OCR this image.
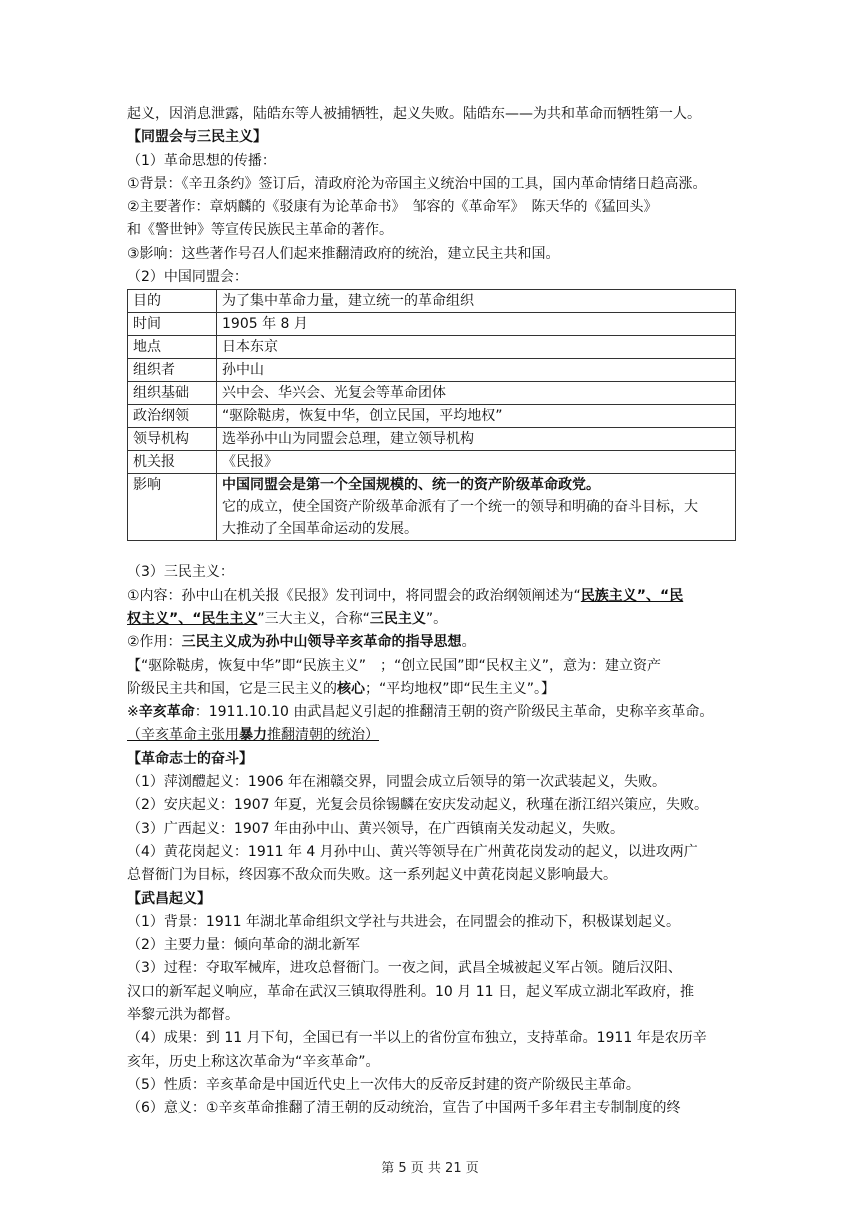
起义，因消息泄露，陆皓东等人被捕牺牲，起义失败。陆皓东——为共和革命而牺牲第一人。
【同盟会与三民主义】
（1）革命思想的传播：
①背景：《辛丑条约》签订后，清政府沦为帝国主义统治中国的工具，国内革命情绪日趋高涨。
②主要著作：章炳麟的《驳康有为论革命书》　邹容的《革命军》　陈天华的《猛回头》
和《警世钟》等宣传民族民主革命的著作。
③影响：这些著作号召人们起来推翻清政府的统治，建立民主共和国。
（2）中国同盟会：
目的	为了集中革命力量，建立统一的革命组织
时间	1905 年 8 月
地点	日本东京
组织者	孙中山
组织基础	兴中会、华兴会、光复会等革命团体
政治纲领	“驱除鞑虏，恢复中华，创立民国，平均地权”
领导机构	选举孙中山为同盟会总理，建立领导机构
机关报	《民报》
影响	中国同盟会是第一个全国规模的、统一的资产阶级革命政党。
它的成立，使全国资产阶级革命派有了一个统一的领导和明确的奋斗目标，大
大推动了全国革命运动的发展。
（3）三民主义：
①内容：孙中山在机关报《民报》发刊词中，将同盟会的政治纲领阐述为“民族主义”、“民
权主义”、“民生主义”三大主义，合称“三民主义”。
②作用：三民主义成为孙中山领导辛亥革命的指导思想。
【“驱除鞑虏，恢复中华”即“民族主义”　；“创立民国”即“民权主义”，意为：建立资产
阶级民主共和国，它是三民主义的核心；“平均地权”即“民生主义”。】
※辛亥革命：1911.10.10 由武昌起义引起的推翻清王朝的资产阶级民主革命，史称辛亥革命。
（辛亥革命主张用暴力推翻清朝的统治）
【革命志士的奋斗】
（1）萍浏醴起义：1906 年在湘赣交界，同盟会成立后领导的第一次武装起义，失败。
（2）安庆起义：1907 年夏，光复会员徐锡麟在安庆发动起义，秋瑾在浙江绍兴策应，失败。
（3）广西起义：1907 年由孙中山、黄兴领导，在广西镇南关发动起义，失败。
（4）黄花岗起义：1911 年 4 月孙中山、黄兴等领导在广州黄花岗发动的起义，以进攻两广
总督衙门为目标，终因寡不敌众而失败。这一系列起义中黄花岗起义影响最大。
【武昌起义】
（1）背景：1911 年湖北革命组织文学社与共进会，在同盟会的推动下，积极谋划起义。
（2）主要力量：倾向革命的湖北新军
（3）过程：夺取军械库，进攻总督衙门。一夜之间，武昌全城被起义军占领。随后汉阳、
汉口的新军起义响应，革命在武汉三镇取得胜利。10 月 11 日，起义军成立湖北军政府，推
举黎元洪为都督。
（4）成果：到 11 月下旬，全国已有一半以上的省份宣布独立，支持革命。1911 年是农历辛
亥年，历史上称这次革命为“辛亥革命”。
（5）性质：辛亥革命是中国近代史上一次伟大的反帝反封建的资产阶级民主革命。
（6）意义：①辛亥革命推翻了清王朝的反动统治，宣告了中国两千多年君主专制制度的终
第 5 页 共 21 页
